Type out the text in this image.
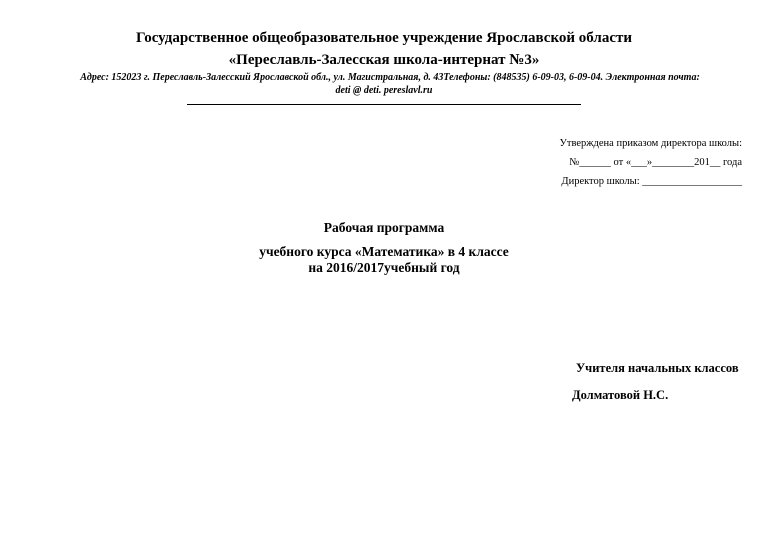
Государственное общеобразовательное учреждение Ярославской области
«Переславль-Залесская школа-интернат №3»
Адрес: 152023 г. Переславль-Залесский Ярославской обл., ул. Магистральная, д. 43Телефоны: (848535) 6-09-03, 6-09-04. Электронная почта:
deti @ deti. pereslavl.ru
Утверждена приказом директора школы:
№______ от «___»________201__ года
Директор школы: ___________________
Рабочая программа
учебного курса «Математика» в 4 классе
на 2016/2017учебный год
Учителя начальных классов
Долматовой Н.С.
